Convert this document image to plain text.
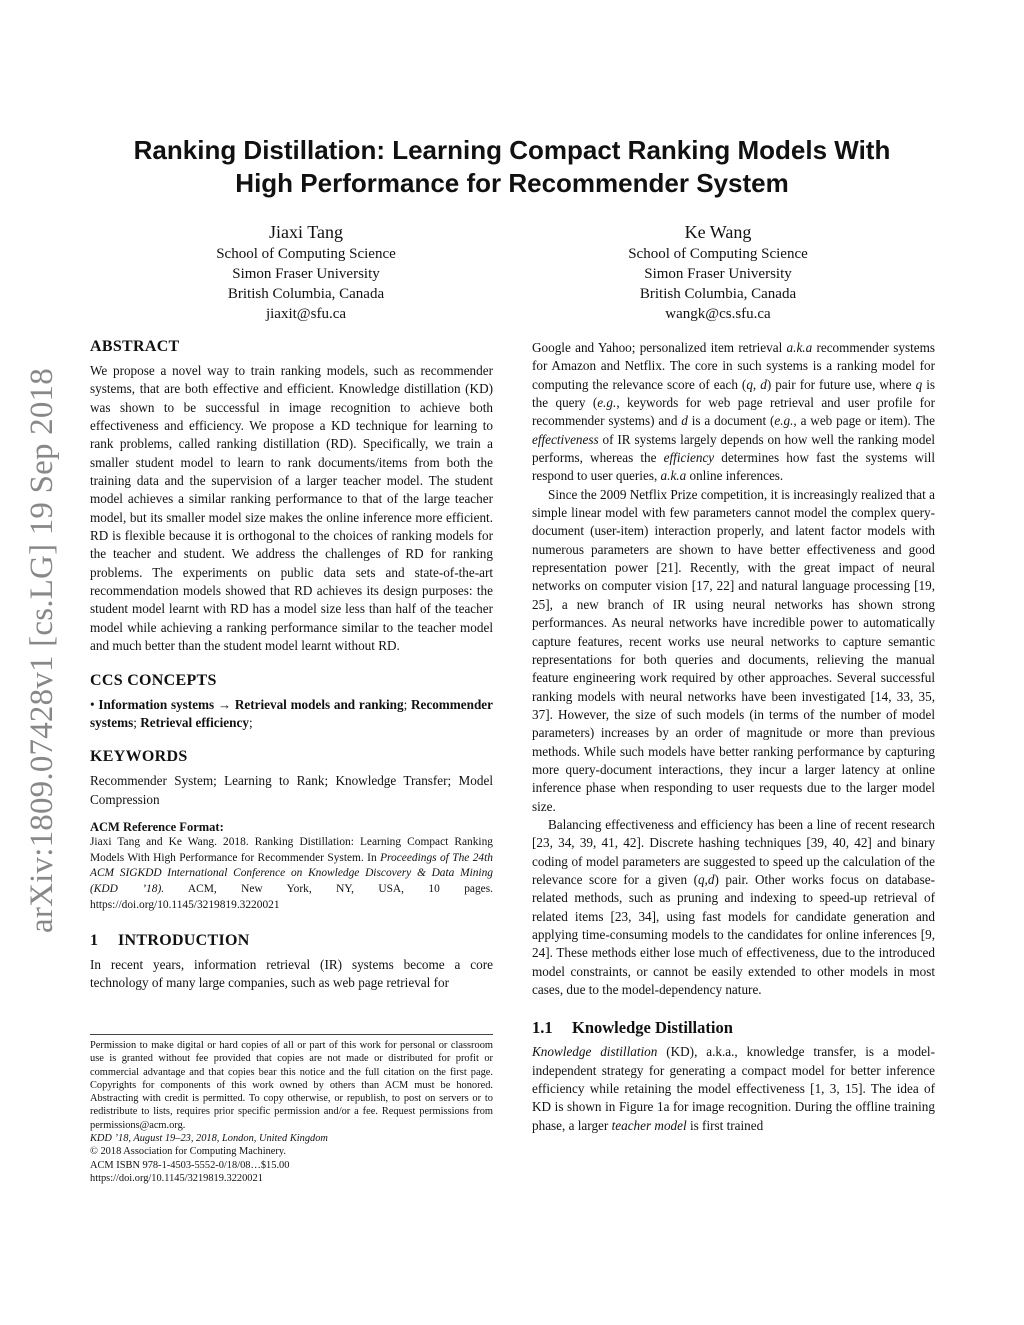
arXiv:1809.07428v1 [cs.LG] 19 Sep 2018
Ranking Distillation: Learning Compact Ranking Models With
High Performance for Recommender System
Jiaxi Tang
School of Computing Science
Simon Fraser University
British Columbia, Canada
jiaxit@sfu.ca
Ke Wang
School of Computing Science
Simon Fraser University
British Columbia, Canada
wangk@cs.sfu.ca
ABSTRACT

We propose a novel way to train ranking models, such as recommender systems, that are both effective and efficient. Knowledge distillation (KD) was shown to be successful in image recognition to achieve both effectiveness and efficiency. We propose a KD technique for learning to rank problems, called ranking distillation (RD). Specifically, we train a smaller student model to learn to rank documents/items from both the training data and the supervision of a larger teacher model. The student model achieves a similar ranking performance to that of the large teacher model, but its smaller model size makes the online inference more efficient. RD is flexible because it is orthogonal to the choices of ranking models for the teacher and student. We address the challenges of RD for ranking problems. The experiments on public data sets and state-of-the-art recommendation models showed that RD achieves its design purposes: the student model learnt with RD has a model size less than half of the teacher model while achieving a ranking performance similar to the teacher model and much better than the student model learnt without RD.

CCS CONCEPTS

• Information systems → Retrieval models and ranking; Recommender systems; Retrieval efficiency;

KEYWORDS

Recommender System; Learning to Rank; Knowledge Transfer; Model Compression

ACM Reference Format:

Jiaxi Tang and Ke Wang. 2018. Ranking Distillation: Learning Compact Ranking Models With High Performance for Recommender System. In Proceedings of The 24th ACM SIGKDD International Conference on Knowledge Discovery & Data Mining (KDD ’18). ACM, New York, NY, USA, 10 pages. https://doi.org/10.1145/3219819.3220021

1 INTRODUCTION

In recent years, information retrieval (IR) systems become a core technology of many large companies, such as web page retrieval for

Permission to make digital or hard copies of all or part of this work for personal or classroom use is granted without fee provided that copies are not made or distributed for profit or commercial advantage and that copies bear this notice and the full citation on the first page. Copyrights for components of this work owned by others than ACM must be honored. Abstracting with credit is permitted. To copy otherwise, or republish, to post on servers or to redistribute to lists, requires prior specific permission and/or a fee. Request permissions from permissions@acm.org.

KDD ’18, August 19–23, 2018, London, United Kingdom

© 2018 Association for Computing Machinery.

ACM ISBN 978-1-4503-5552-0/18/08…$15.00

https://doi.org/10.1145/3219819.3220021

Google and Yahoo; personalized item retrieval a.k.a recommender systems for Amazon and Netflix. The core in such systems is a ranking model for computing the relevance score of each (q, d) pair for future use, where q is the query (e.g., keywords for web page retrieval and user profile for recommender systems) and d is a document (e.g., a web page or item). The effectiveness of IR systems largely depends on how well the ranking model performs, whereas the efficiency determines how fast the systems will respond to user queries, a.k.a online inferences.

Since the 2009 Netflix Prize competition, it is increasingly realized that a simple linear model with few parameters cannot model the complex query-document (user-item) interaction properly, and latent factor models with numerous parameters are shown to have better effectiveness and good representation power [21]. Recently, with the great impact of neural networks on computer vision [17, 22] and natural language processing [19, 25], a new branch of IR using neural networks has shown strong performances. As neural networks have incredible power to automatically capture features, recent works use neural networks to capture semantic representations for both queries and documents, relieving the manual feature engineering work required by other approaches. Several successful ranking models with neural networks have been investigated [14, 33, 35, 37]. However, the size of such models (in terms of the number of model parameters) increases by an order of magnitude or more than previous methods. While such models have better ranking performance by capturing more query-document interactions, they incur a larger latency at online inference phase when responding to user requests due to the larger model size.

Balancing effectiveness and efficiency has been a line of recent research [23, 34, 39, 41, 42]. Discrete hashing techniques [39, 40, 42] and binary coding of model parameters are suggested to speed up the calculation of the relevance score for a given (q,d) pair. Other works focus on database-related methods, such as pruning and indexing to speed-up retrieval of related items [23, 34], using fast models for candidate generation and applying time-consuming models to the candidates for online inferences [9, 24]. These methods either lose much of effectiveness, due to the introduced model constraints, or cannot be easily extended to other models in most cases, due to the model-dependency nature.

1.1 Knowledge Distillation

Knowledge distillation (KD), a.k.a., knowledge transfer, is a model-independent strategy for generating a compact model for better inference efficiency while retaining the model effectiveness [1, 3, 15]. The idea of KD is shown in Figure 1a for image recognition. During the offline training phase, a larger teacher model is first trained
